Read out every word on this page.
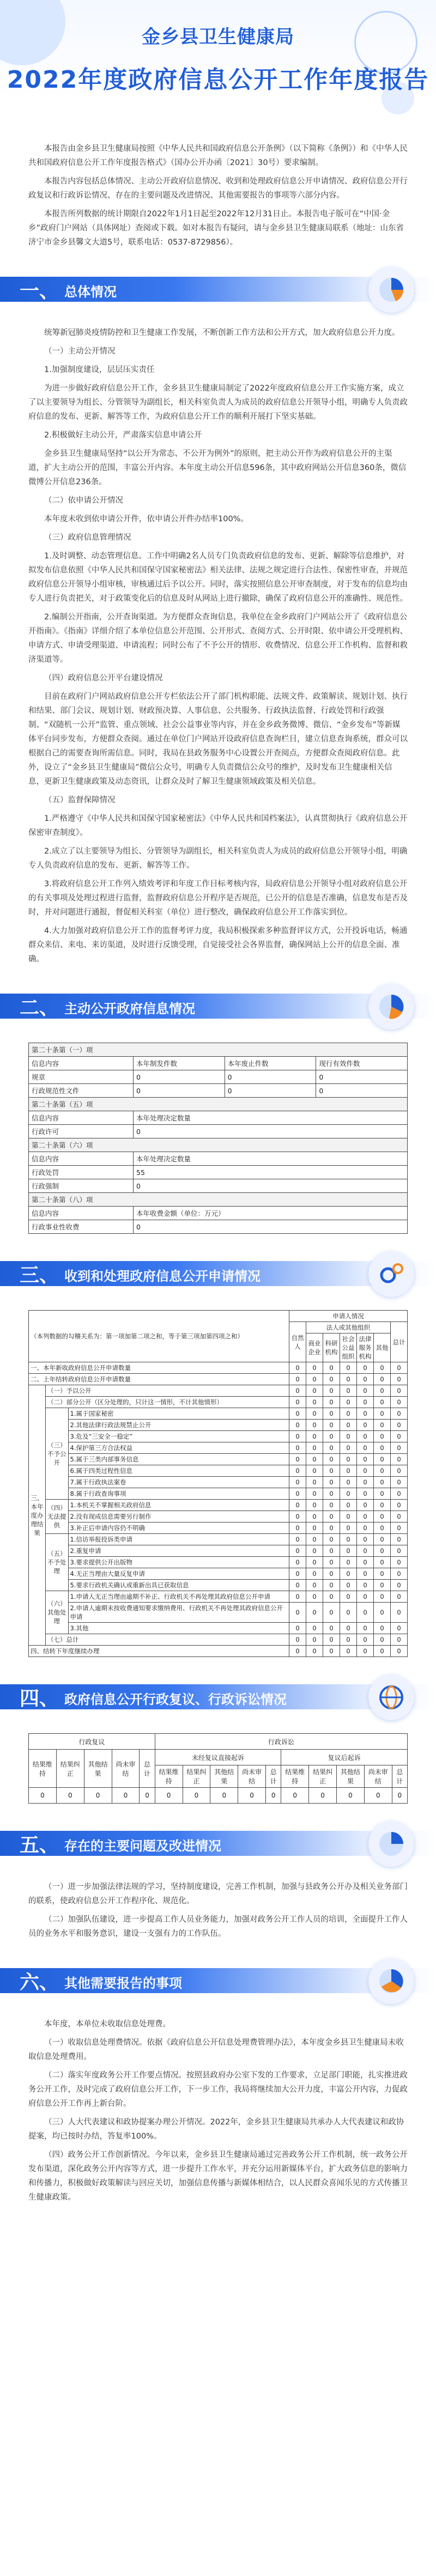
金乡县卫生健康局
2022年度政府信息公开工作年度报告

本报告由金乡县卫生健康局按照《中华人民共和国政府信息公开条例》（以下简称《条例》）和《中华人民共和国政府信息公开工作年度报告格式》（国办公开办函〔2021〕30号）要求编制。

本报告内容包括总体情况、主动公开政府信息情况、收到和处理政府信息公开申请情况、政府信息公开行政复议和行政诉讼情况、存在的主要问题及改进情况、其他需要报告的事项等六部分内容。

本报告所列数据的统计期限自2022年1月1日起至2022年12月31日止。本报告电子版可在“中国·金乡”政府门户网站（具体网址）查阅或下载。如对本报告有疑问，请与金乡县卫生健康局联系（地址：山东省济宁市金乡县馨文大道5号，联系电话：0537-8729856）。

一、 总体情况

统筹新冠肺炎疫情防控和卫生健康工作发展，不断创新工作方法和公开方式，加大政府信息公开力度。

（一）主动公开情况

1.加强制度建设，层层压实责任

为进一步做好政府信息公开工作，金乡县卫生健康局制定了2022年度政府信息公开工作实施方案，成立了以主要领导为组长、分管领导为副组长，相关科室负责人为成员的政府信息公开领导小组，明确专人负责政府信息的发布、更新、解答等工作，为政府信息公开工作的顺利开展打下坚实基础。

2.积极做好主动公开，严肃落实信息申请公开

金乡县卫生健康局坚持“以公开为常态、不公开为例外”的原则，把主动公开作为政府信息公开的主渠道，扩大主动公开的范围，丰富公开内容。本年度主动公开信息596条，其中政府网站公开信息360条，微信微博公开信息236条。

（二）依申请公开情况

本年度未收到依申请公开件，依申请公开件办结率100%。

（三）政府信息管理情况

1.及时调整、动态管理信息。工作中明确2名人员专门负责政府信息的发布、更新、解除等信息维护，对拟发布信息依照《中华人民共和国保守国家秘密法》相关法律、法规之规定进行合法性、保密性审查，并规范政府信息公开领导小组审核，审核通过后予以公开。同时，落实按照信息公开审查制度，对于发布的信息均由专人进行负责把关，对于政策变化后的信息及时从网站上进行撤除，确保了政府信息公开的准确性、规范性。

2.编制公开指南，公开查询渠道。为方便群众查询信息，我单位在金乡政府门户网站公开了《政府信息公开指南》。《指南》详细介绍了本单位信息公开范围、公开形式、查阅方式、公开时限、依申请公开受理机构、申请方式、申请受理渠道、申请流程；同时公布了不予公开的情形、收费情况、信息公开工作机构、监督和救济渠道等。

（四）政府信息公开平台建设情况

目前在政府门户网站政府信息公开专栏依法公开了部门机构职能、法规文件、政策解读、规划计划、执行和结果、部门会议、规划计划、财政预决算、人事信息、公共服务、行政执法监督、行政处罚和行政强制、“双随机一公开”监管、重点领域、社会公益事业等内容，并在金乡政务微博、微信、“金乡发布”等新媒体平台同步发布，方便群众查阅。通过在单位门户网站开设政府信息查询栏目，建立信息查询系统，群众可以根据自己的需要查询所需信息。同时，我局在县政务服务中心设置公开查阅点，方便群众查阅政府信息。此外，设立了“金乡县卫生健康局”微信公众号，明确专人负责微信公众号的维护，及时发布卫生健康相关信息，更新卫生健康政策及动态资讯，让群众及时了解卫生健康领域政策及相关信息。

（五）监督保障情况

1.严格遵守《中华人民共和国保守国家秘密法》《中华人民共和国档案法》，认真贯彻执行《政府信息公开保密审查制度》。

2.成立了以主要领导为组长、分管领导为副组长，相关科室负责人为成员的政府信息公开领导小组，明确专人负责政府信息的发布、更新、解答等工作。

3.将政府信息公开工作列入绩效考评和年度工作目标考核内容，局政府信息公开领导小组对政府信息公开的有关事项及处理过程进行监督，监督政府信息公开程序是否规范，已公开的信息是否准确，信息发布是否及时，并对问题进行通报，督促相关科室（单位）进行整改，确保政府信息公开工作落实到位。

4.大力加强对政府信息公开工作的监督考评力度，我局积极探索多种监督评议方式，公开投诉电话，畅通群众来信、来电、来访渠道，及时进行反馈受理，自觉接受社会各界监督，确保网站上公开的信息全面、准确。

二、 主动公开政府信息情况
第二十条第（一）项			
信息内容	本年制发件数	本年废止件数	现行有效件数
规章	0	0	0
行政规范性文件	0	0	0
第二十条第（五）项			
信息内容	本年处理决定数量		
行政许可	0		
第二十条第（六）项			
信息内容	本年处理决定数量		
行政处罚	55		
行政强制	0		
第二十条第（八）项			
信息内容	本年收费金额（单位：万元）		
行政事业性收费	0		
三、 收到和处理政府信息公开申请情况
（本列数据的勾稽关系为：第一项加第二项之和，等于第三项加第四项之和）			申请人情况						
			自然人	法人或其他组织					总计
				商业企业	科研机构	社会公益组织	法律服务机构	其他	
一、本年新收政府信息公开申请数量			0	0	0	0	0	0	0
二、上年结转政府信息公开申请数量			0	0	0	0	0	0	0
三、本年度办理结果	（一）予以公开		0	0	0	0	0	0	0
	（二）部分公开（区分处理的，只计这一情形，不计其他情形）		0	0	0	0	0	0	0
	（三）不予公开	1.属于国家秘密	0	0	0	0	0	0	0
		2.其他法律行政法规禁止公开	0	0	0	0	0	0	0
		3.危及“三安全一稳定”	0	0	0	0	0	0	0
		4.保护第三方合法权益	0	0	0	0	0	0	0
		5.属于三类内部事务信息	0	0	0	0	0	0	0
		6.属于四类过程性信息	0	0	0	0	0	0	0
		7.属于行政执法案卷	0	0	0	0	0	0	0
		8.属于行政查询事项	0	0	0	0	0	0	0
	（四）无法提供	1.本机关不掌握相关政府信息	0	0	0	0	0	0	0
		2.没有现成信息需要另行制作	0	0	0	0	0	0	0
		3.补正后申请内容仍不明确	0	0	0	0	0	0	0
	（五）不予处理	1.信访举报投诉类申请	0	0	0	0	0	0	0
		2.重复申请	0	0	0	0	0	0	0
		3.要求提供公开出版物	0	0	0	0	0	0	0
		4.无正当理由大量反复申请	0	0	0	0	0	0	0
		5.要求行政机关确认或重新出具已获取信息	0	0	0	0	0	0	0
	（六）其他处理	1.申请人无正当理由逾期不补正、行政机关不再处理其政府信息公开申请	0	0	0	0	0	0	0
		2.申请人逾期未按收费通知要求缴纳费用、行政机关不再处理其政府信息公开申请	0	0	0	0	0	0	0
		3.其他	0	0	0	0	0	0	0
	（七）总计		0	0	0	0	0	0	0
四、结转下年度继续办理			0	0	0	0	0	0	0
四、 政府信息公开行政复议、行政诉讼情况
行政复议					行政诉讼									
结果维持	结果纠正	其他结果	尚未审结	总计	未经复议直接起诉					复议后起诉				
					结果维持	结果纠正	其他结果	尚未审结	总计	结果维持	结果纠正	其他结果	尚未审结	总计
0	0	0	0	0	0	0	0	0	0	0	0	0	0	0
五、 存在的主要问题及改进情况

（一）进一步加强法律法规的学习，坚持制度建设，完善工作机制，加强与县政务公开办及相关业务部门的联系，使政府信息公开工作程序化、规范化。

（二）加强队伍建设，进一步提高工作人员业务能力，加强对政务公开工作人员的培训，全面提升工作人员的业务水平和服务意识，建设一支强有力的工作队伍。

六、 其他需要报告的事项

本年度，本单位未收取信息处理费。

（一）收取信息处理费情况。依据《政府信息公开信息处理费管理办法》，本年度金乡县卫生健康局未收取信息处理费用。

（二）落实年度政务公开工作要点情况。按照县政府办公室下发的工作要求，立足部门职能，扎实推进政务公开工作，及时完成了政府信息公开工作，下一步工作，我局将继续加大公开力度，丰富公开内容，力促政府信息公开工作再上新台阶。

（三）人大代表建议和政协提案办理公开情况。2022年，金乡县卫生健康局共承办人大代表建议和政协提案，均已按时办结，答复率100%。

（四）政务公开工作创新情况。今年以来，金乡县卫生健康局通过完善政务公开工作机制，统一政务公开发布渠道，深化政务公开内容等方式，进一步提升工作水平，并充分运用新媒体平台，扩大政务信息的影响力和传播力，积极做好政策解读与回应关切，加强信息传播与新媒体相结合，以人民群众喜闻乐见的方式传播卫生健康政策。
